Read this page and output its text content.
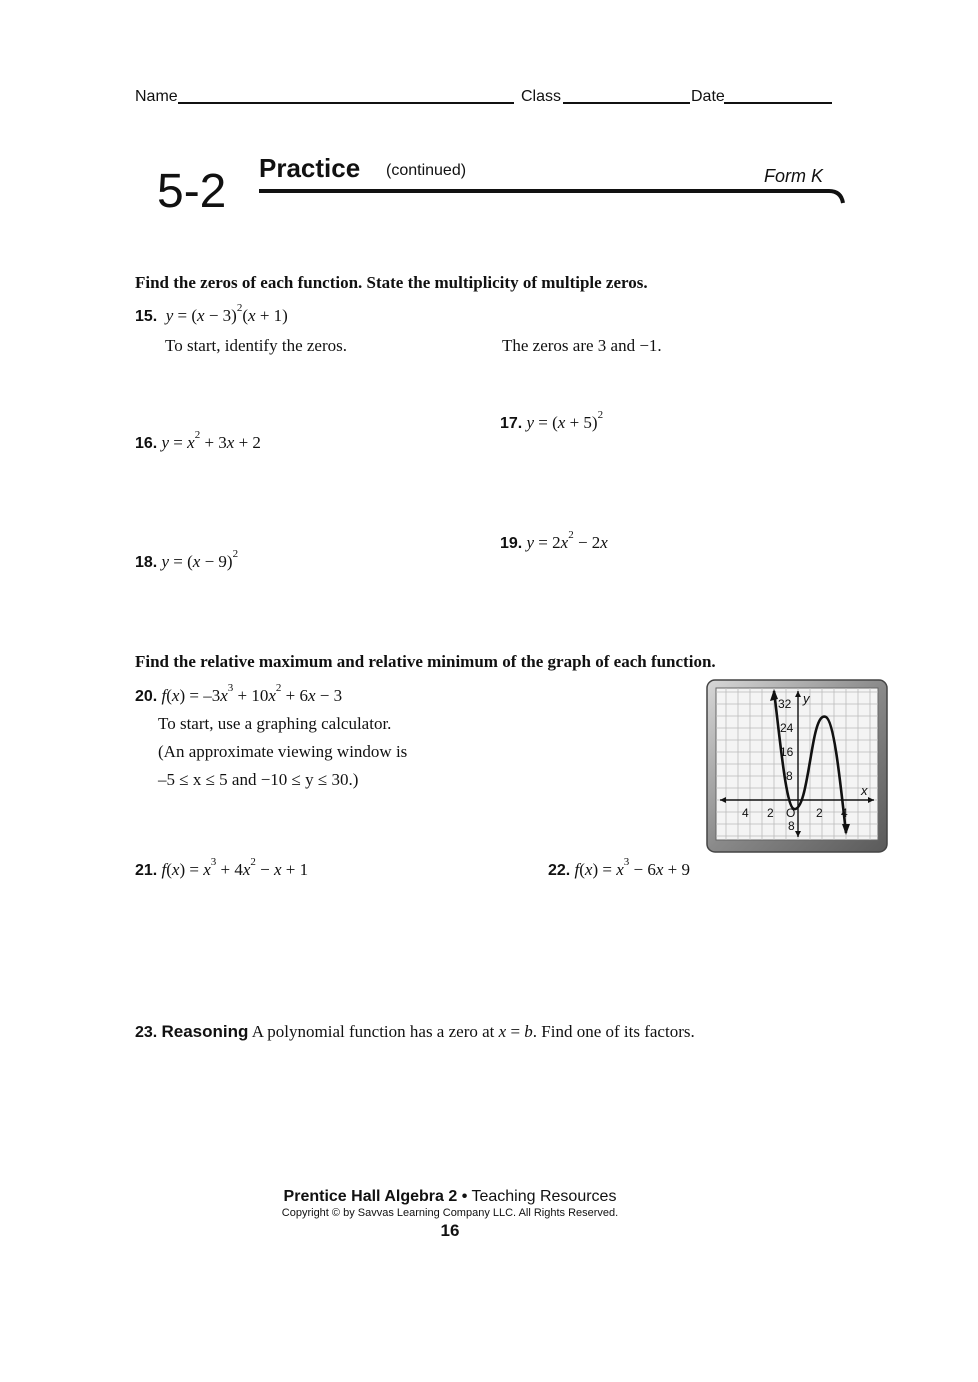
Name	Class	Date
5-2 Practice (continued)	Form K
Find the zeros of each function. State the multiplicity of multiple zeros.
15. $y = (x - 3)^2(x + 1)$
To start, identify the zeros.	The zeros are 3 and −1.
17. $y = (x + 5)^2$
16. $y = x^2 + 3x + 2$
19. $y = 2x^2 - 2x$
18. $y = (x - 9)^2$
Find the relative maximum and relative minimum of the graph of each function.
20. $f(x) = -3x^3 + 10x^2 + 6x - 3$
To start, use a graphing calculator.
(An approximate viewing window is
–5 ≤ x ≤ 5 and −10 ≤ y ≤ 30.)
32
24
16
8
8
4 2 O 2 4
y
x
21. $f(x) = x^3 + 4x^2 - x + 1$	22. $f(x) = x^3 - 6x + 9$
23. Reasoning A polynomial function has a zero at x = b. Find one of its factors.
Prentice Hall Algebra 2 • Teaching Resources
Copyright © by Savvas Learning Company LLC. All Rights Reserved.
16
